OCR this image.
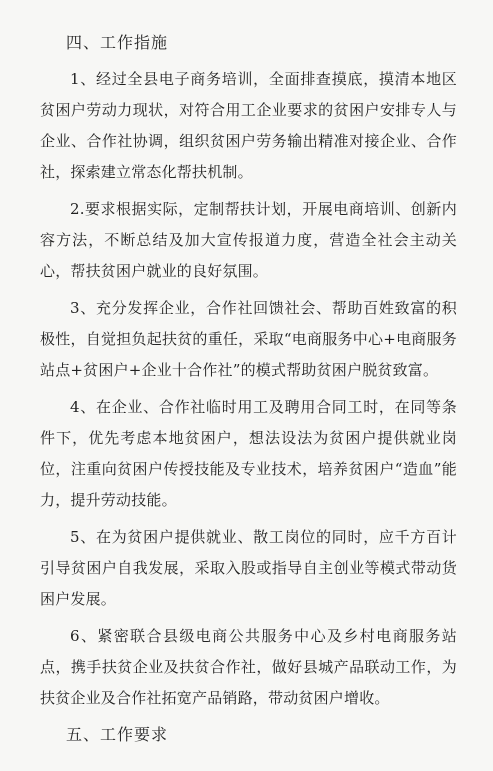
四、工作指施

1、经过全县电子商务培训，全面排查摸底，摸清本地区贫困户劳动力现状，对符合用工企业要求的贫困户安排专人与企业、合作社协调，组织贫困户劳务输出精准对接企业、合作社，探索建立常态化帮扶机制。

2.要求根据实际，定制帮扶计划，开展电商培训、创新内容方法，不断总结及加大宣传报道力度，营造全社会主动关心，帮扶贫困户就业的良好氛围。

3、充分发挥企业，合作社回馈社会、帮助百姓致富的积极性，自觉担负起扶贫的重任，采取“电商服务中心+电商服务站点+贫困户+企业十合作社”的模式帮助贫困户脱贫致富。

4、在企业、合作社临时用工及聘用合同工时，在同等条件下，优先考虑本地贫困户，想法设法为贫困户提供就业岗位，注重向贫困户传授技能及专业技术，培养贫困户“造血”能力，提升劳动技能。

5、在为贫困户提供就业、散工岗位的同时，应千方百计引导贫困户自我发展，采取入股或指导自主创业等模式带动货困户发展。

6、紧密联合县级电商公共服务中心及乡村电商服务站点，携手扶贫企业及扶贫合作社，做好县城产品联动工作，为扶贫企业及合作社拓宽产品销路，带动贫困户增收。

五、工作要求
